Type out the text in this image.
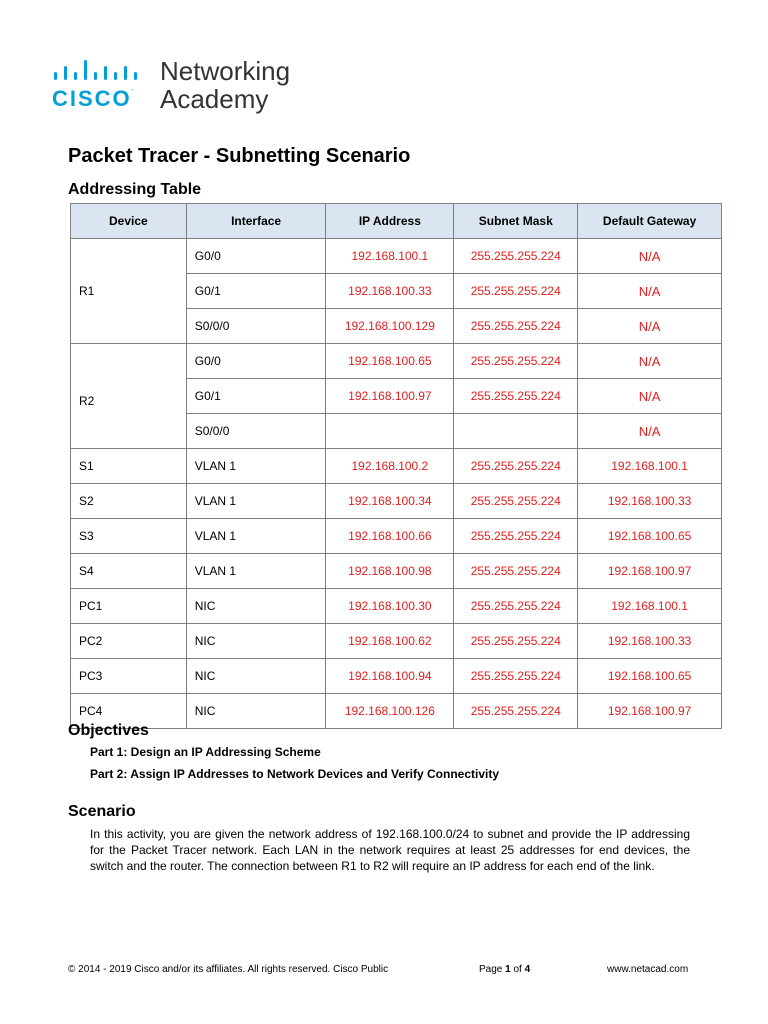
CISCO.
Networking
Academy
Packet Tracer - Subnetting Scenario
Addressing Table
Device	Interface	IP Address	Subnet Mask	Default Gateway
R1	G0/0	192.168.100.1	255.255.255.224	N/A
	G0/1	192.168.100.33	255.255.255.224	N/A
	S0/0/0	192.168.100.129	255.255.255.224	N/A
R2	G0/0	192.168.100.65	255.255.255.224	N/A
	G0/1	192.168.100.97	255.255.255.224	N/A
	S0/0/0			N/A
S1	VLAN 1	192.168.100.2	255.255.255.224	192.168.100.1
S2	VLAN 1	192.168.100.34	255.255.255.224	192.168.100.33
S3	VLAN 1	192.168.100.66	255.255.255.224	192.168.100.65
S4	VLAN 1	192.168.100.98	255.255.255.224	192.168.100.97
PC1	NIC	192.168.100.30	255.255.255.224	192.168.100.1
PC2	NIC	192.168.100.62	255.255.255.224	192.168.100.33
PC3	NIC	192.168.100.94	255.255.255.224	192.168.100.65
PC4	NIC	192.168.100.126	255.255.255.224	192.168.100.97
Objectives
Part 1: Design an IP Addressing Scheme
Part 2: Assign IP Addresses to Network Devices and Verify Connectivity
Scenario
In this activity, you are given the network address of 192.168.100.0/24 to subnet and provide the IP addressing for the Packet Tracer network. Each LAN in the network requires at least 25 addresses for end devices, the switch and the router. The connection between R1 to R2 will require an IP address for each end of the link.
© 2014 - 2019 Cisco and/or its affiliates. All rights reserved. Cisco Public	Page 1 of 4	www.netacad.com
